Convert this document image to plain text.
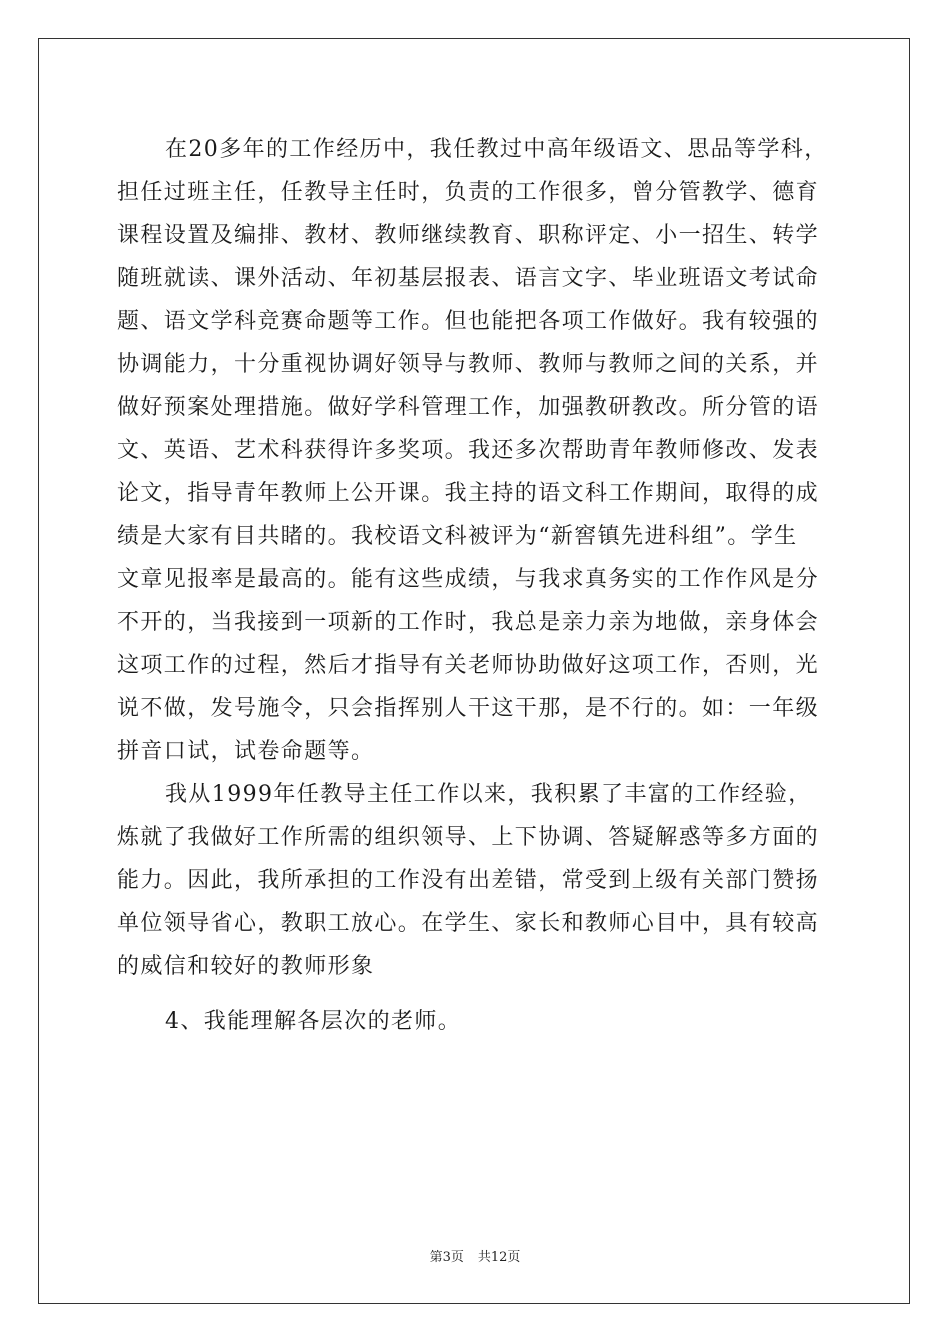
在20多年的工作经历中，我任教过中高年级语文、思品等学科，
担任过班主任，任教导主任时，负责的工作很多，曾分管教学、德育
课程设置及编排、教材、教师继续教育、职称评定、小一招生、转学
随班就读、课外活动、年初基层报表、语言文字、毕业班语文考试命
题、语文学科竞赛命题等工作。但也能把各项工作做好。我有较强的
协调能力，十分重视协调好领导与教师、教师与教师之间的关系，并
做好预案处理措施。做好学科管理工作，加强教研教改。所分管的语
文、英语、艺术科获得许多奖项。我还多次帮助青年教师修改、发表
论文，指导青年教师上公开课。我主持的语文科工作期间，取得的成
绩是大家有目共睹的。我校语文科被评为“新窖镇先进科组”。学生
文章见报率是最高的。能有这些成绩，与我求真务实的工作作风是分
不开的，当我接到一项新的工作时，我总是亲力亲为地做，亲身体会
这项工作的过程，然后才指导有关老师协助做好这项工作，否则，光
说不做，发号施令，只会指挥别人干这干那，是不行的。如：一年级
拼音口试，试卷命题等。

我从1999年任教导主任工作以来，我积累了丰富的工作经验，
炼就了我做好工作所需的组织领导、上下协调、答疑解惑等多方面的
能力。因此，我所承担的工作没有出差错，常受到上级有关部门赞扬
单位领导省心，教职工放心。在学生、家长和教师心目中，具有较高
的威信和较好的教师形象

4、我能理解各层次的老师。

第3页 共12页
